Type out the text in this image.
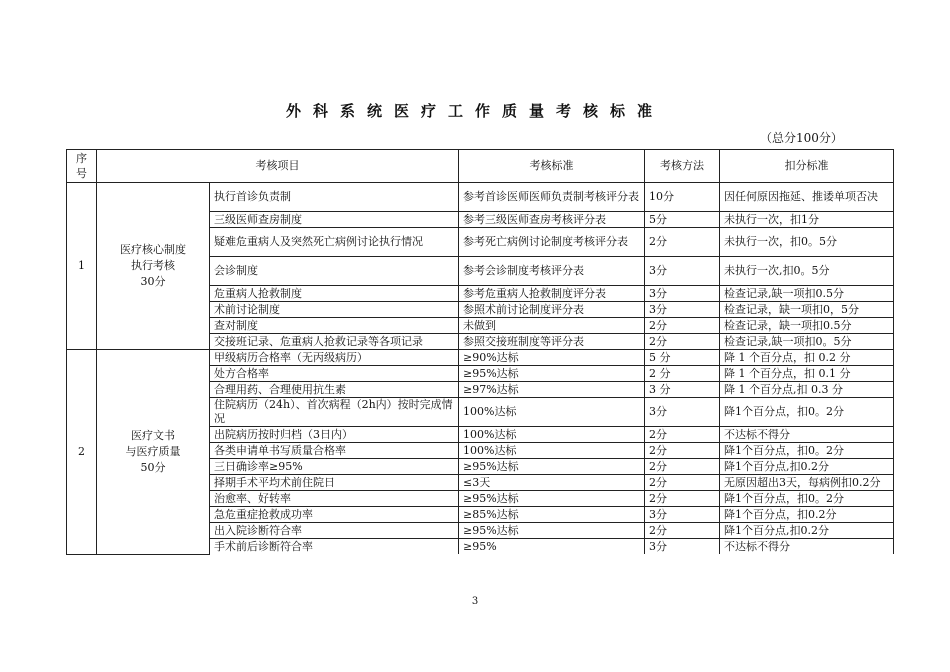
外科系统医疗工作质量考核标准
（总分100分）
序
号	考核项目		考核标准	考核方法	扣分标准
1	医疗核心制度
执行考核
30分	执行首诊负责制	参考首诊医师医师负责制考核评分表	10分	因任何原因拖延、推诿单项否决
		三级医师查房制度	参考三级医师查房考核评分表	5分	未执行一次，扣1分
		疑难危重病人及突然死亡病例讨论执行情况	参考死亡病例讨论制度考核评分表	2分	未执行一次，扣0。5分
		会诊制度	参考会诊制度考核评分表	3分	未执行一次,扣0。5分
		危重病人抢救制度	参考危重病人抢救制度评分表	3分	检查记录,缺一项扣0.5分
		术前讨论制度	参照术前讨论制度评分表	3分	检查记录，缺一项扣0，5分
		查对制度	未做到	2分	检查记录，缺一项扣0.5分
		交接班记录、危重病人抢救记录等各项记录	参照交接班制度等评分表	2分	检查记录,缺一项扣0。5分
2	医疗文书
与医疗质量
50分	甲级病历合格率（无丙级病历）	≥90%达标	5 分	降 1 个百分点，扣 0.2 分
		处方合格率	≥95%达标	2 分	降 1 个百分点，扣 0.1 分
		合理用药、合理使用抗生素	≥97%达标	3 分	降 1 个百分点,扣 0.3 分
		住院病历（24h）、首次病程（2h内）按时完成情况	100%达标	3分	降1个百分点，扣0。2分
		出院病历按时归档（3日内）	100%达标	2分	不达标不得分
		各类申请单书写质量合格率	100%达标	2分	降1个百分点，扣0。2分
		三日确诊率≥95%	≥95%达标	2分	降1个百分点,扣0.2分
		择期手术平均术前住院日	≤3天	2分	无原因超出3天，每病例扣0.2分
		治愈率、好转率	≥95%达标	2分	降1个百分点，扣0。2分
		急危重症抢救成功率	≥85%达标	3分	降1个百分点，扣0.2分
		出入院诊断符合率	≥95%达标	2分	降1个百分点,扣0.2分
		手术前后诊断符合率	≥95%	3分	不达标不得分
3
